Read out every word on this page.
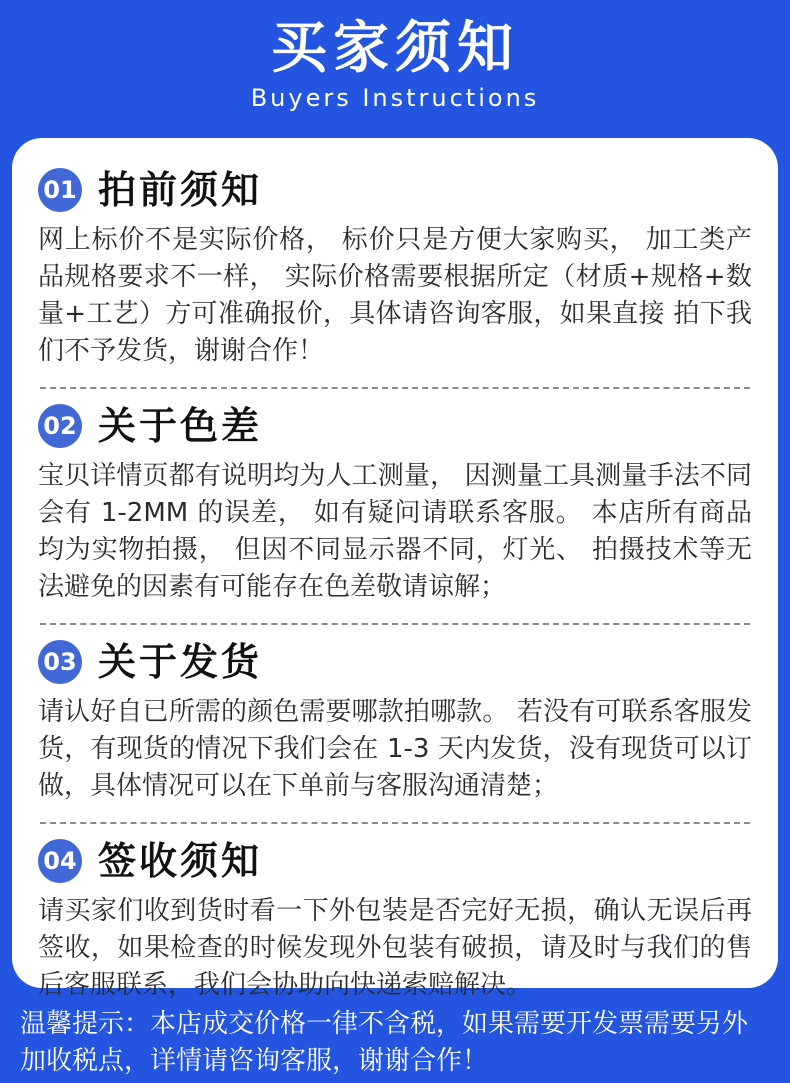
买家须知

Buyers Instructions

01 拍前须知

网上标价不是实际价格， 标价只是方便大家购买， 加工类产品规格要求不一样， 实际价格需要根据所定（材质+规格+数量+工艺）方可准确报价，具体请咨询客服，如果直接 拍下我们不予发货，谢谢合作！

02 关于色差

宝贝详情页都有说明均为人工测量， 因测量工具测量手法不同会有 1-2MM 的误差， 如有疑问请联系客服。 本店所有商品均为实物拍摄， 但因不同显示器不同，灯光、 拍摄技术等无法避免的因素有可能存在色差敬请谅解；

03 关于发货

请认好自已所需的颜色需要哪款拍哪款。 若没有可联系客服发货，有现货的情况下我们会在 1-3 天内发货，没有现货可以订做，具体情况可以在下单前与客服沟通清楚；

04 签收须知

请买家们收到货时看一下外包装是否完好无损，确认无误后再签收，如果检查的时候发现外包装有破损，请及时与我们的售后客服联系，我们会协助向快递索赔解决。

温馨提示：本店成交价格一律不含税，如果需要开发票需要另外加收税点，详情请咨询客服，谢谢合作！
